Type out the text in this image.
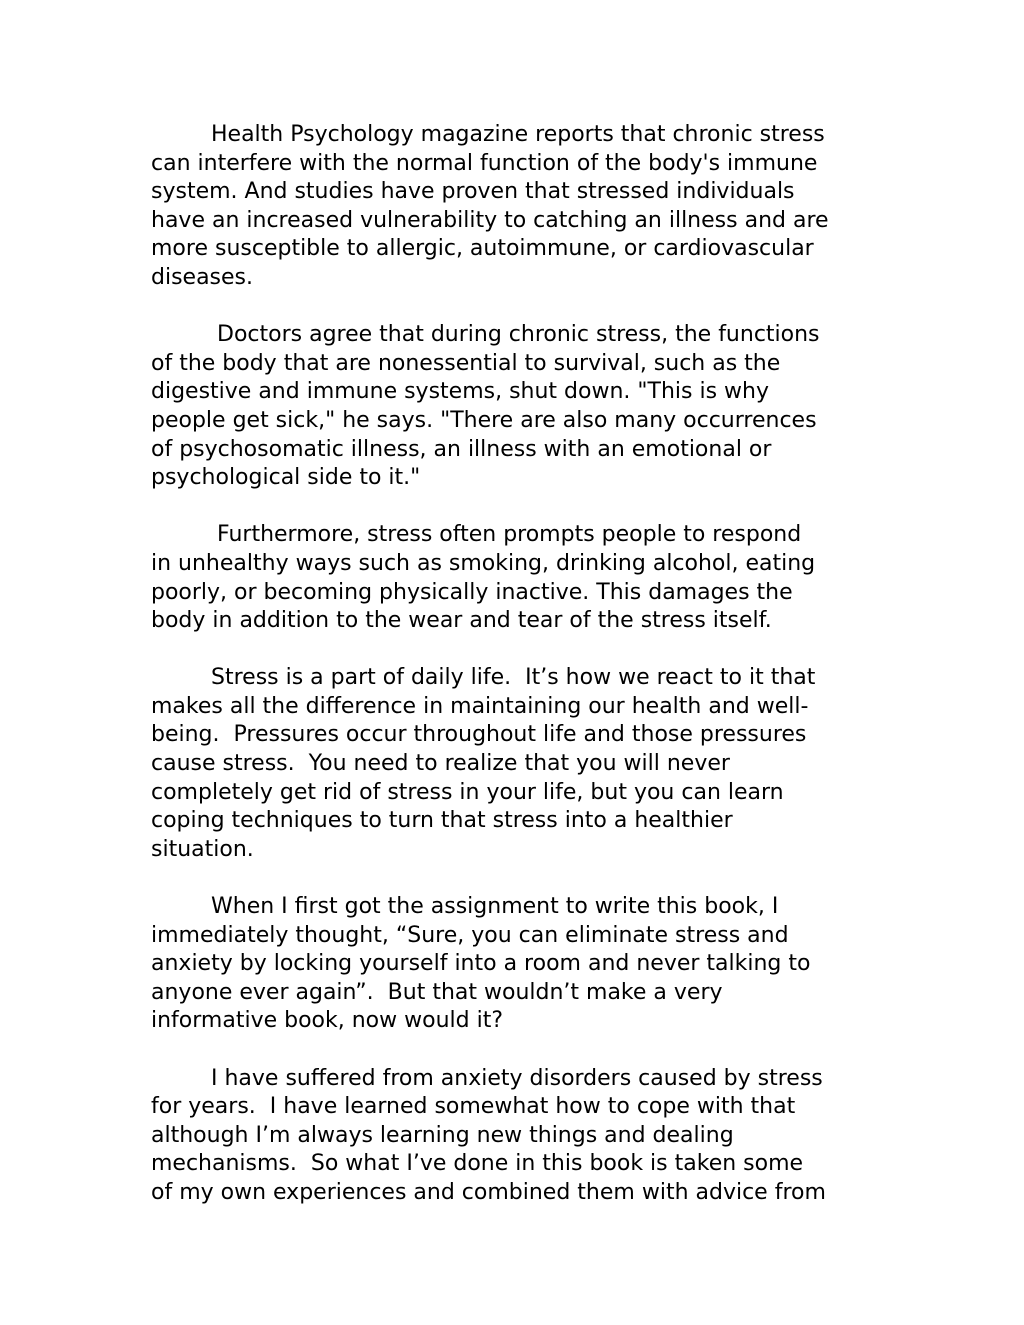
Health Psychology magazine reports that chronic stress
can interfere with the normal function of the body's immune
system. And studies have proven that stressed individuals
have an increased vulnerability to catching an illness and are
more susceptible to allergic, autoimmune, or cardiovascular
diseases.
Doctors agree that during chronic stress, the functions
of the body that are nonessential to survival, such as the
digestive and immune systems, shut down. "This is why
people get sick," he says. "There are also many occurrences
of psychosomatic illness, an illness with an emotional or
psychological side to it."
Furthermore, stress often prompts people to respond
in unhealthy ways such as smoking, drinking alcohol, eating
poorly, or becoming physically inactive. This damages the
body in addition to the wear and tear of the stress itself.
Stress is a part of daily life.  It’s how we react to it that
makes all the difference in maintaining our health and well-
being.  Pressures occur throughout life and those pressures
cause stress.  You need to realize that you will never
completely get rid of stress in your life, but you can learn
coping techniques to turn that stress into a healthier
situation.
When I first got the assignment to write this book, I
immediately thought, “Sure, you can eliminate stress and
anxiety by locking yourself into a room and never talking to
anyone ever again”.  But that wouldn’t make a very
informative book, now would it?
I have suffered from anxiety disorders caused by stress
for years.  I have learned somewhat how to cope with that
although I’m always learning new things and dealing
mechanisms.  So what I’ve done in this book is taken some
of my own experiences and combined them with advice from
